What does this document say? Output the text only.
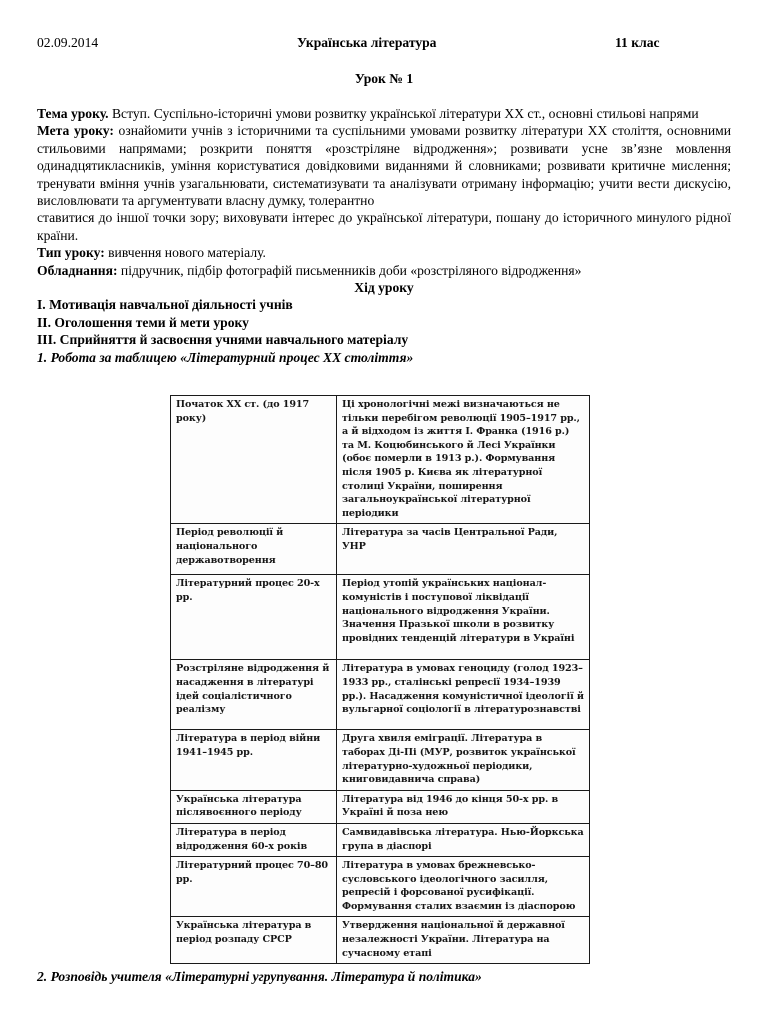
02.09.2014	Українська література	11 клас
Урок № 1

Тема уроку. Вступ. Суспільно-історичні умови розвитку української літератури ХХ ст., основні стильові напрями

Мета уроку: ознайомити учнів з історичними та суспільними умовами розвитку літератури ХХ століття, основними стильовими напрямами; розкрити поняття «розстріляне відродження»; розвивати усне зв’язне мовлення одинадцятикласників, уміння користуватися довідковими виданнями й словниками; розвивати критичне мислення; тренувати вміння учнів узагальнювати, систематизувати та аналізувати отриману інформацію; учити вести дискусію, висловлювати та аргументувати власну думку, толерантно

ставитися до іншої точки зору; виховувати інтерес до української літератури, пошану до історичного минулого рідної країни.

Тип уроку: вивчення нового матеріалу.

Обладнання: підручник, підбір фотографій письменників доби «розстріляного відродження»

Хід уроку

I. Мотивація навчальної діяльності учнів

II. Оголошення теми й мети уроку

III. Сприйняття й засвоєння учнями навчального матеріалу

1. Робота за таблицею «Літературний процес ХХ століття»

Початок ХХ ст. (до 1917 року)	Ці хронологічні межі визначаються не тільки перебігом революції 1905–1917 рр., а й відходом із життя І. Франка (1916 р.) та М. Коцюбинського й Лесі Українки (обоє померли в 1913 р.). Формування після 1905 р. Києва як літературної столиці України, поширення загальноукраїнської літературної періодики
Період революції й національного державотворення	Література за часів Центральної Ради, УНР
Літературний процес 20-х рр.	Період утопій українських націонал-комуністів і поступової ліквідації національного відродження України. Значення Празької школи в розвитку провідних тенденцій літератури в Україні
Розстріляне відродження й насадження в літературі ідей соціалістичного реалізму	Література в умовах геноциду (голод 1923–1933 рр., сталінські репресії 1934–1939 рр.). Насадження комуністичної ідеології й вульгарної соціології в літературознавстві
Література в період війни 1941–1945 рр.	Друга хвиля еміграції. Література в таборах Ді-Пі (МУР, розвиток української літературно-художньої періодики, книговидавнича справа)
Українська література післявоєнного періоду	Література від 1946 до кінця 50-х рр. в Україні й поза нею
Література в період відродження 60-х років	Самвидавівська література. Нью-Йоркська група в діаспорі
Літературний процес 70–80 рр.	Література в умовах брежневсько-сусловського ідеологічного засилля, репресій і форсованої русифікації. Формування сталих взаємин із діаспорою
Українська література в період розпаду СРСР	Утвердження національної й державної незалежності України. Література на сучасному етапі
2. Розповідь учителя «Літературні угрупування. Література й політика»
